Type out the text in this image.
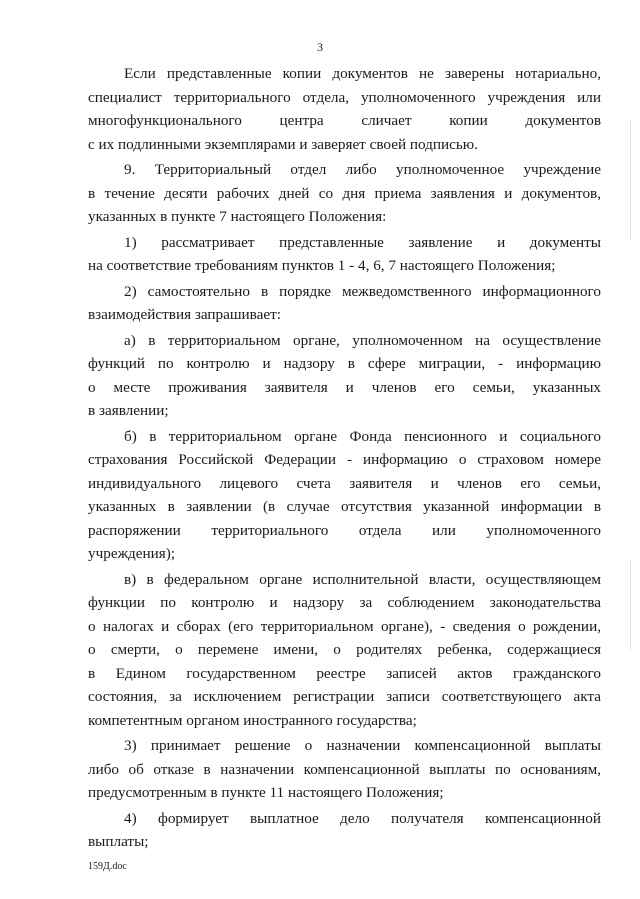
3
Если представленные копии документов не заверены нотариально,
специалист территориального отдела, уполномоченного учреждения или
многофункционального центра сличает копии документов
с их подлинными экземплярами и заверяет своей подписью.
9. Территориальный отдел либо уполномоченное учреждение
в течение десяти рабочих дней со дня приема заявления и документов,
указанных в пункте 7 настоящего Положения:
1) рассматривает представленные заявление и документы
на соответствие требованиям пунктов 1 - 4, 6, 7 настоящего Положения;
2) самостоятельно в порядке межведомственного информационного
взаимодействия запрашивает:
а) в территориальном органе, уполномоченном на осуществление
функций по контролю и надзору в сфере миграции, - информацию
о месте проживания заявителя и членов его семьи, указанных
в заявлении;
б) в территориальном органе Фонда пенсионного и социального
страхования Российской Федерации - информацию о страховом номере
индивидуального лицевого счета заявителя и членов его семьи,
указанных в заявлении (в случае отсутствия указанной информации в
распоряжении территориального отдела или уполномоченного
учреждения);
в) в федеральном органе исполнительной власти, осуществляющем
функции по контролю и надзору за соблюдением законодательства
о налогах и сборах (его территориальном органе), - сведения о рождении,
о смерти, о перемене имени, о родителях ребенка, содержащиеся
в Едином государственном реестре записей актов гражданского
состояния, за исключением регистрации записи соответствующего акта
компетентным органом иностранного государства;
3) принимает решение о назначении компенсационной выплаты
либо об отказе в назначении компенсационной выплаты по основаниям,
предусмотренным в пункте 11 настоящего Положения;
4) формирует выплатное дело получателя компенсационной
выплаты;
159Д.doc
